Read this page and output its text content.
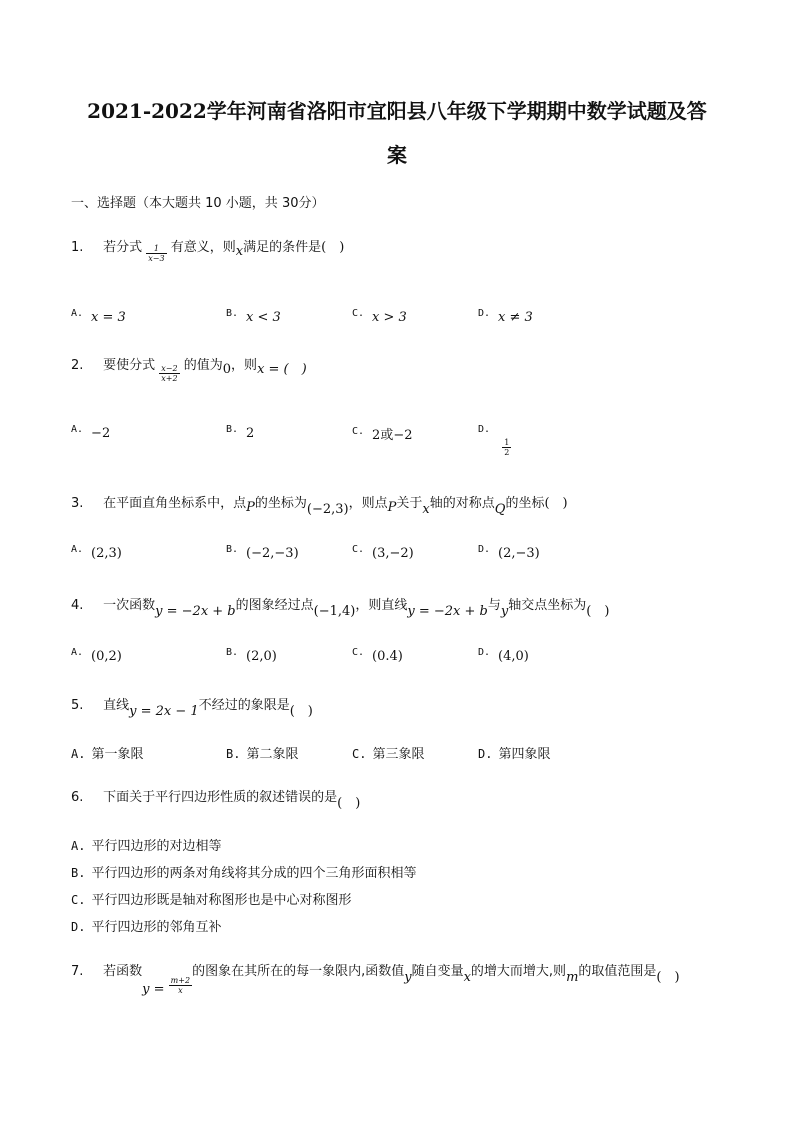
2021-2022学年河南省洛阳市宜阳县八年级下学期期中数学试题及答
案
一、选择题（本大题共 10 小题，共 30分）
1. 若分式 $\frac{1}{x-3}$ 有意义，则x满足的条件是(　)
$^{A.}$ x = 3	$^{B.}$ x < 3	$^{C.}$ x > 3	$^{D.}$ x ≠ 3
2. 要使分式 $\frac{x-2}{x+2}$ 的值为0，则x = (　)
$^{A.}$ −2	$^{B.}$ 2	$^{C.}$ 2或−2	$^{D.}$
$\frac{1}{2}$
3. 在平面直角坐标系中，点P的坐标为(−2,3)，则点P关于x轴的对称点Q的坐标(　)
$^{A.}$ (2,3)	$^{B.}$ (−2,−3)	$^{C.}$ (3,−2)	$^{D.}$ (2,−3)
4. 一次函数y = −2x + b的图象经过点(−1,4)，则直线y = −2x + b与y轴交点坐标为(　)
$^{A.}$ (0,2)	$^{B.}$ (2,0)	$^{C.}$ (0.4)	$^{D.}$ (4,0)
5. 直线y = 2x − 1不经过的象限是(　)
A. 第一象限	B. 第二象限	C. 第三象限	D. 第四象限
6. 下面关于平行四边形性质的叙述错误的是(　)
A. 平行四边形的对边相等
B. 平行四边形的两条对角线将其分成的四个三角形面积相等
C. 平行四边形既是轴对称图形也是中心对称图形
D. 平行四边形的邻角互补
7. 若函数$y = \frac{m+2}{x}$
的图象在其所在的每一象限内,函数值y随自变量x的增大而增大,则m的取值范围是(　)
